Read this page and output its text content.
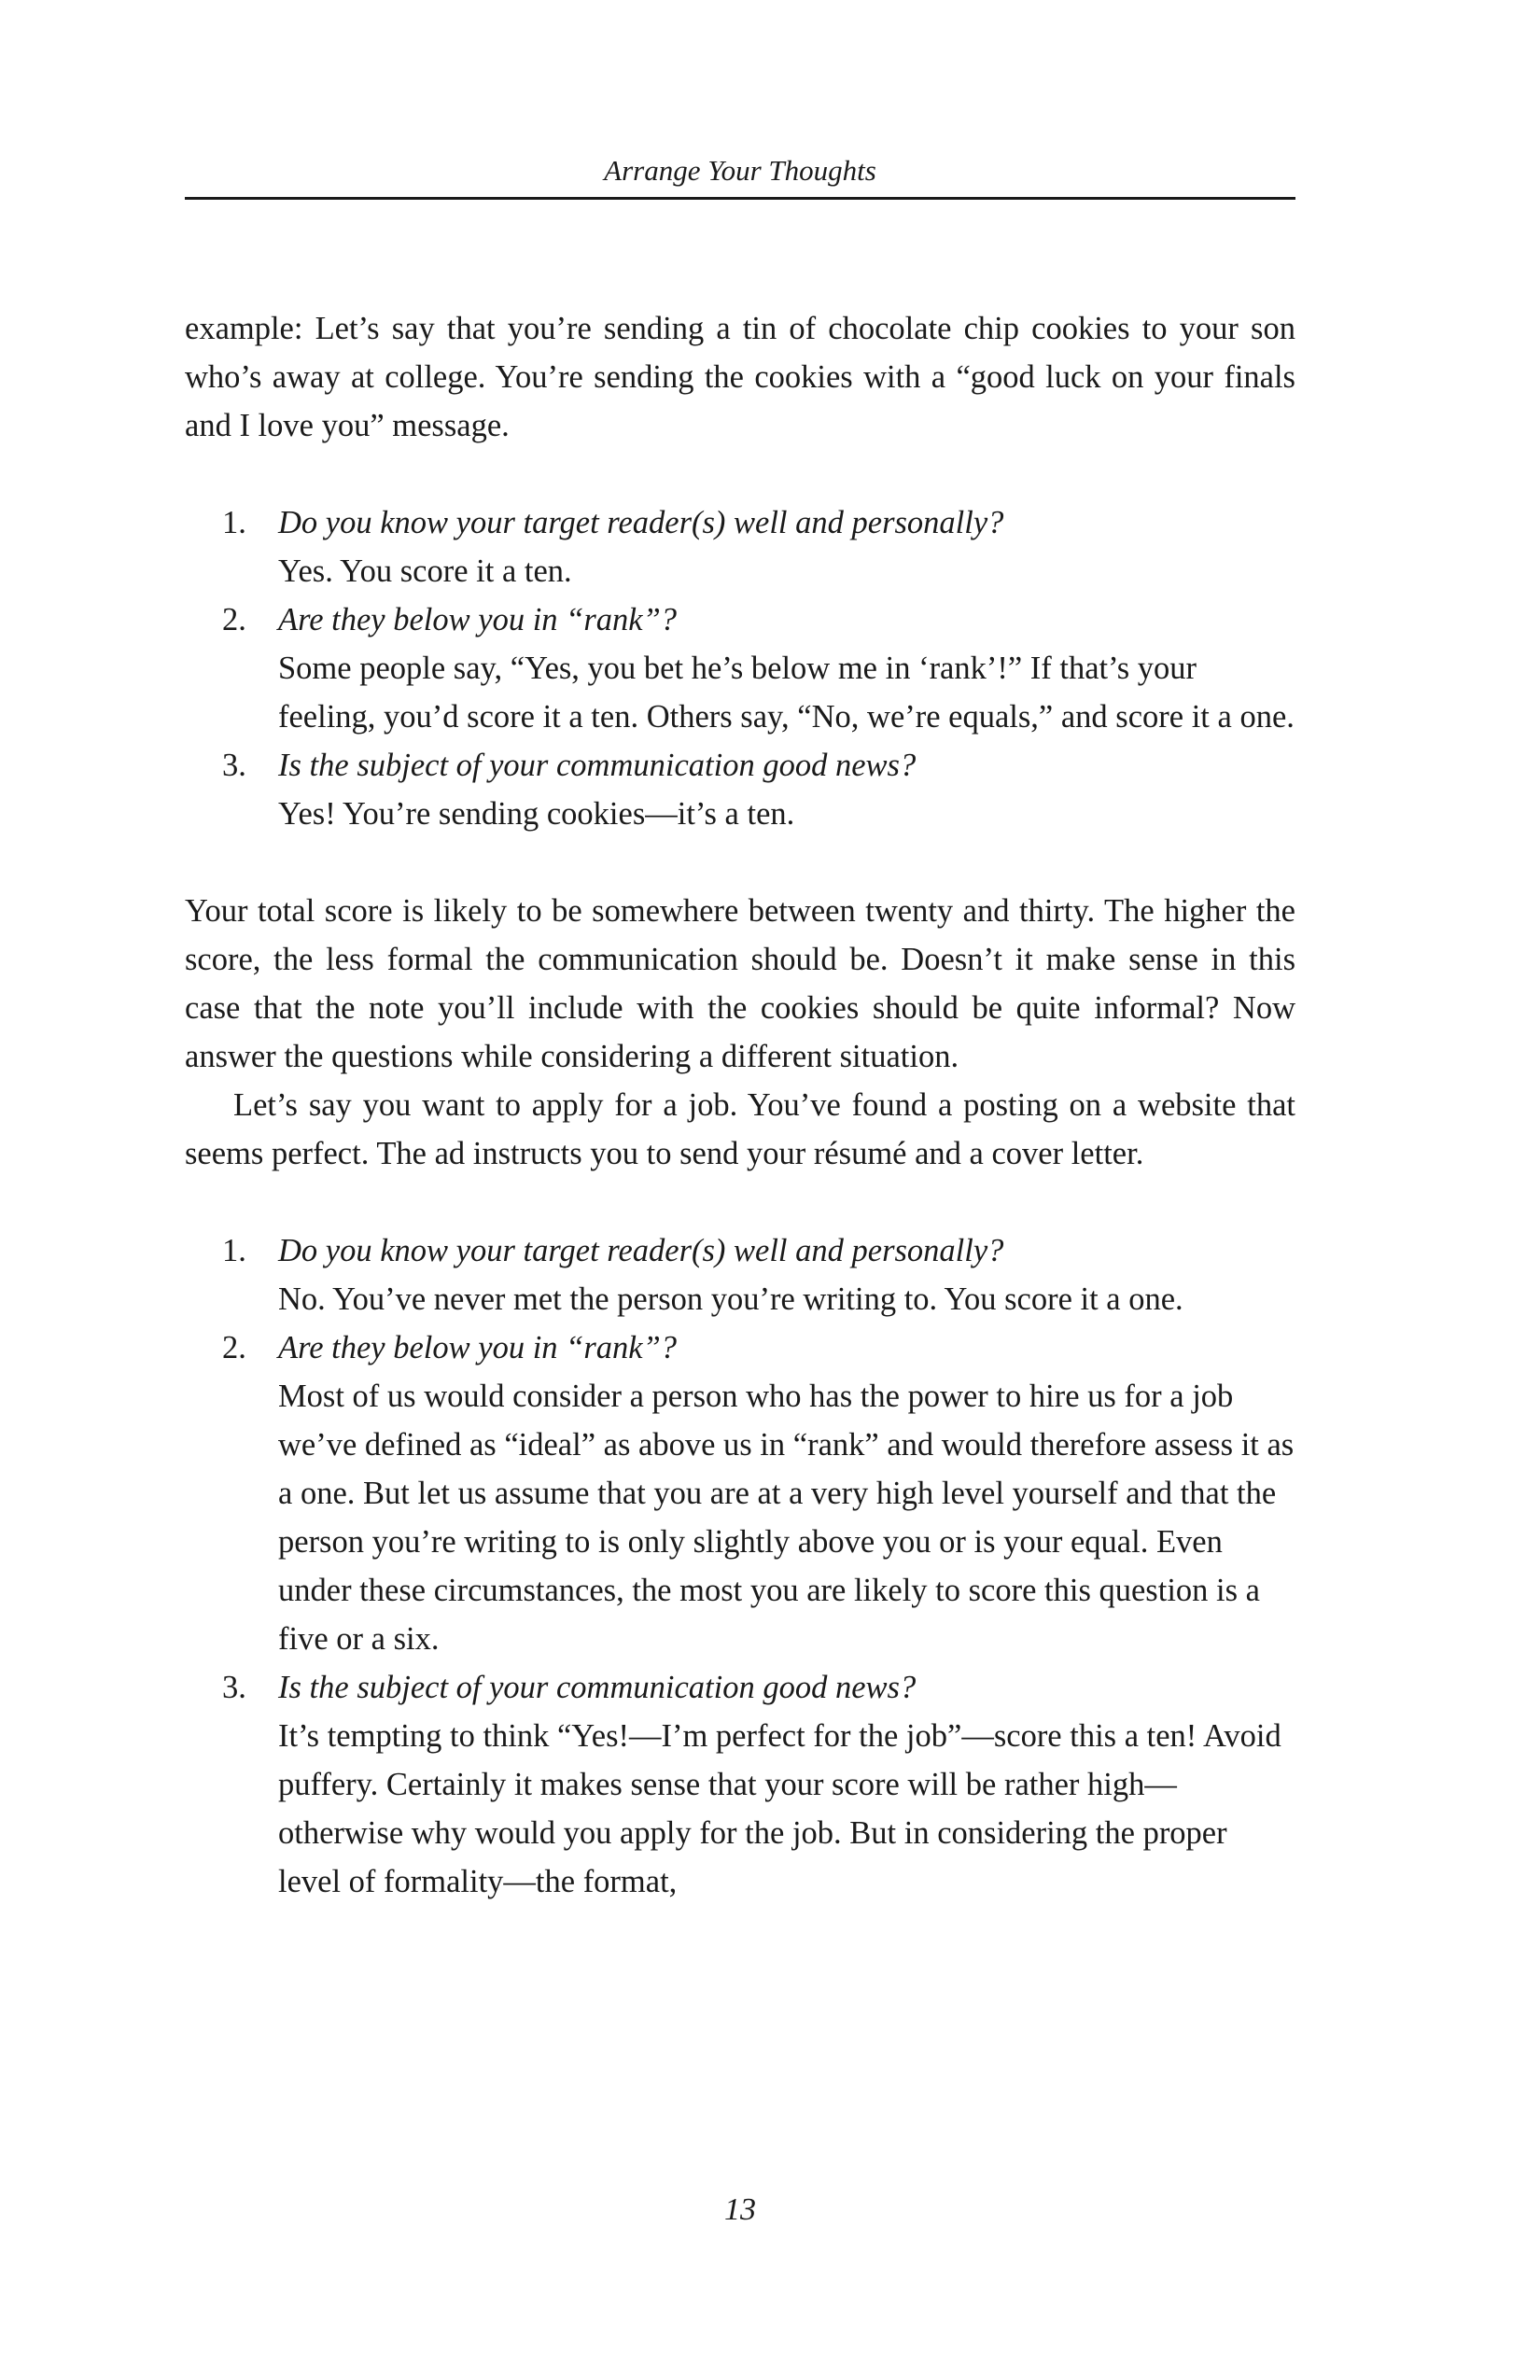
Arrange Your Thoughts

example: Let’s say that you’re sending a tin of chocolate chip cookies to your son who’s away at college. You’re sending the cookies with a “good luck on your finals and I love you” message.

1. Do you know your target reader(s) well and personally?
Yes. You score it a ten.
2. Are they below you in “rank”?
Some people say, “Yes, you bet he’s below me in ‘rank’!” If that’s your feeling, you’d score it a ten. Others say, “No, we’re equals,” and score it a one.
3. Is the subject of your communication good news?
Yes! You’re sending cookies—it’s a ten.

Your total score is likely to be somewhere between twenty and thirty. The higher the score, the less formal the communication should be. Doesn’t it make sense in this case that the note you’ll include with the cookies should be quite informal? Now answer the questions while considering a different situation.

Let’s say you want to apply for a job. You’ve found a posting on a website that seems perfect. The ad instructs you to send your résumé and a cover letter.

1. Do you know your target reader(s) well and personally?
No. You’ve never met the person you’re writing to. You score it a one.
2. Are they below you in “rank”?
Most of us would consider a person who has the power to hire us for a job we’ve defined as “ideal” as above us in “rank” and would therefore assess it as a one. But let us assume that you are at a very high level yourself and that the person you’re writing to is only slightly above you or is your equal. Even under these circumstances, the most you are likely to score this question is a five or a six.
3. Is the subject of your communication good news?
It’s tempting to think “Yes!—I’m perfect for the job”—score this a ten! Avoid puffery. Certainly it makes sense that your score will be rather high—otherwise why would you apply for the job. But in considering the proper level of formality—the format,
13
